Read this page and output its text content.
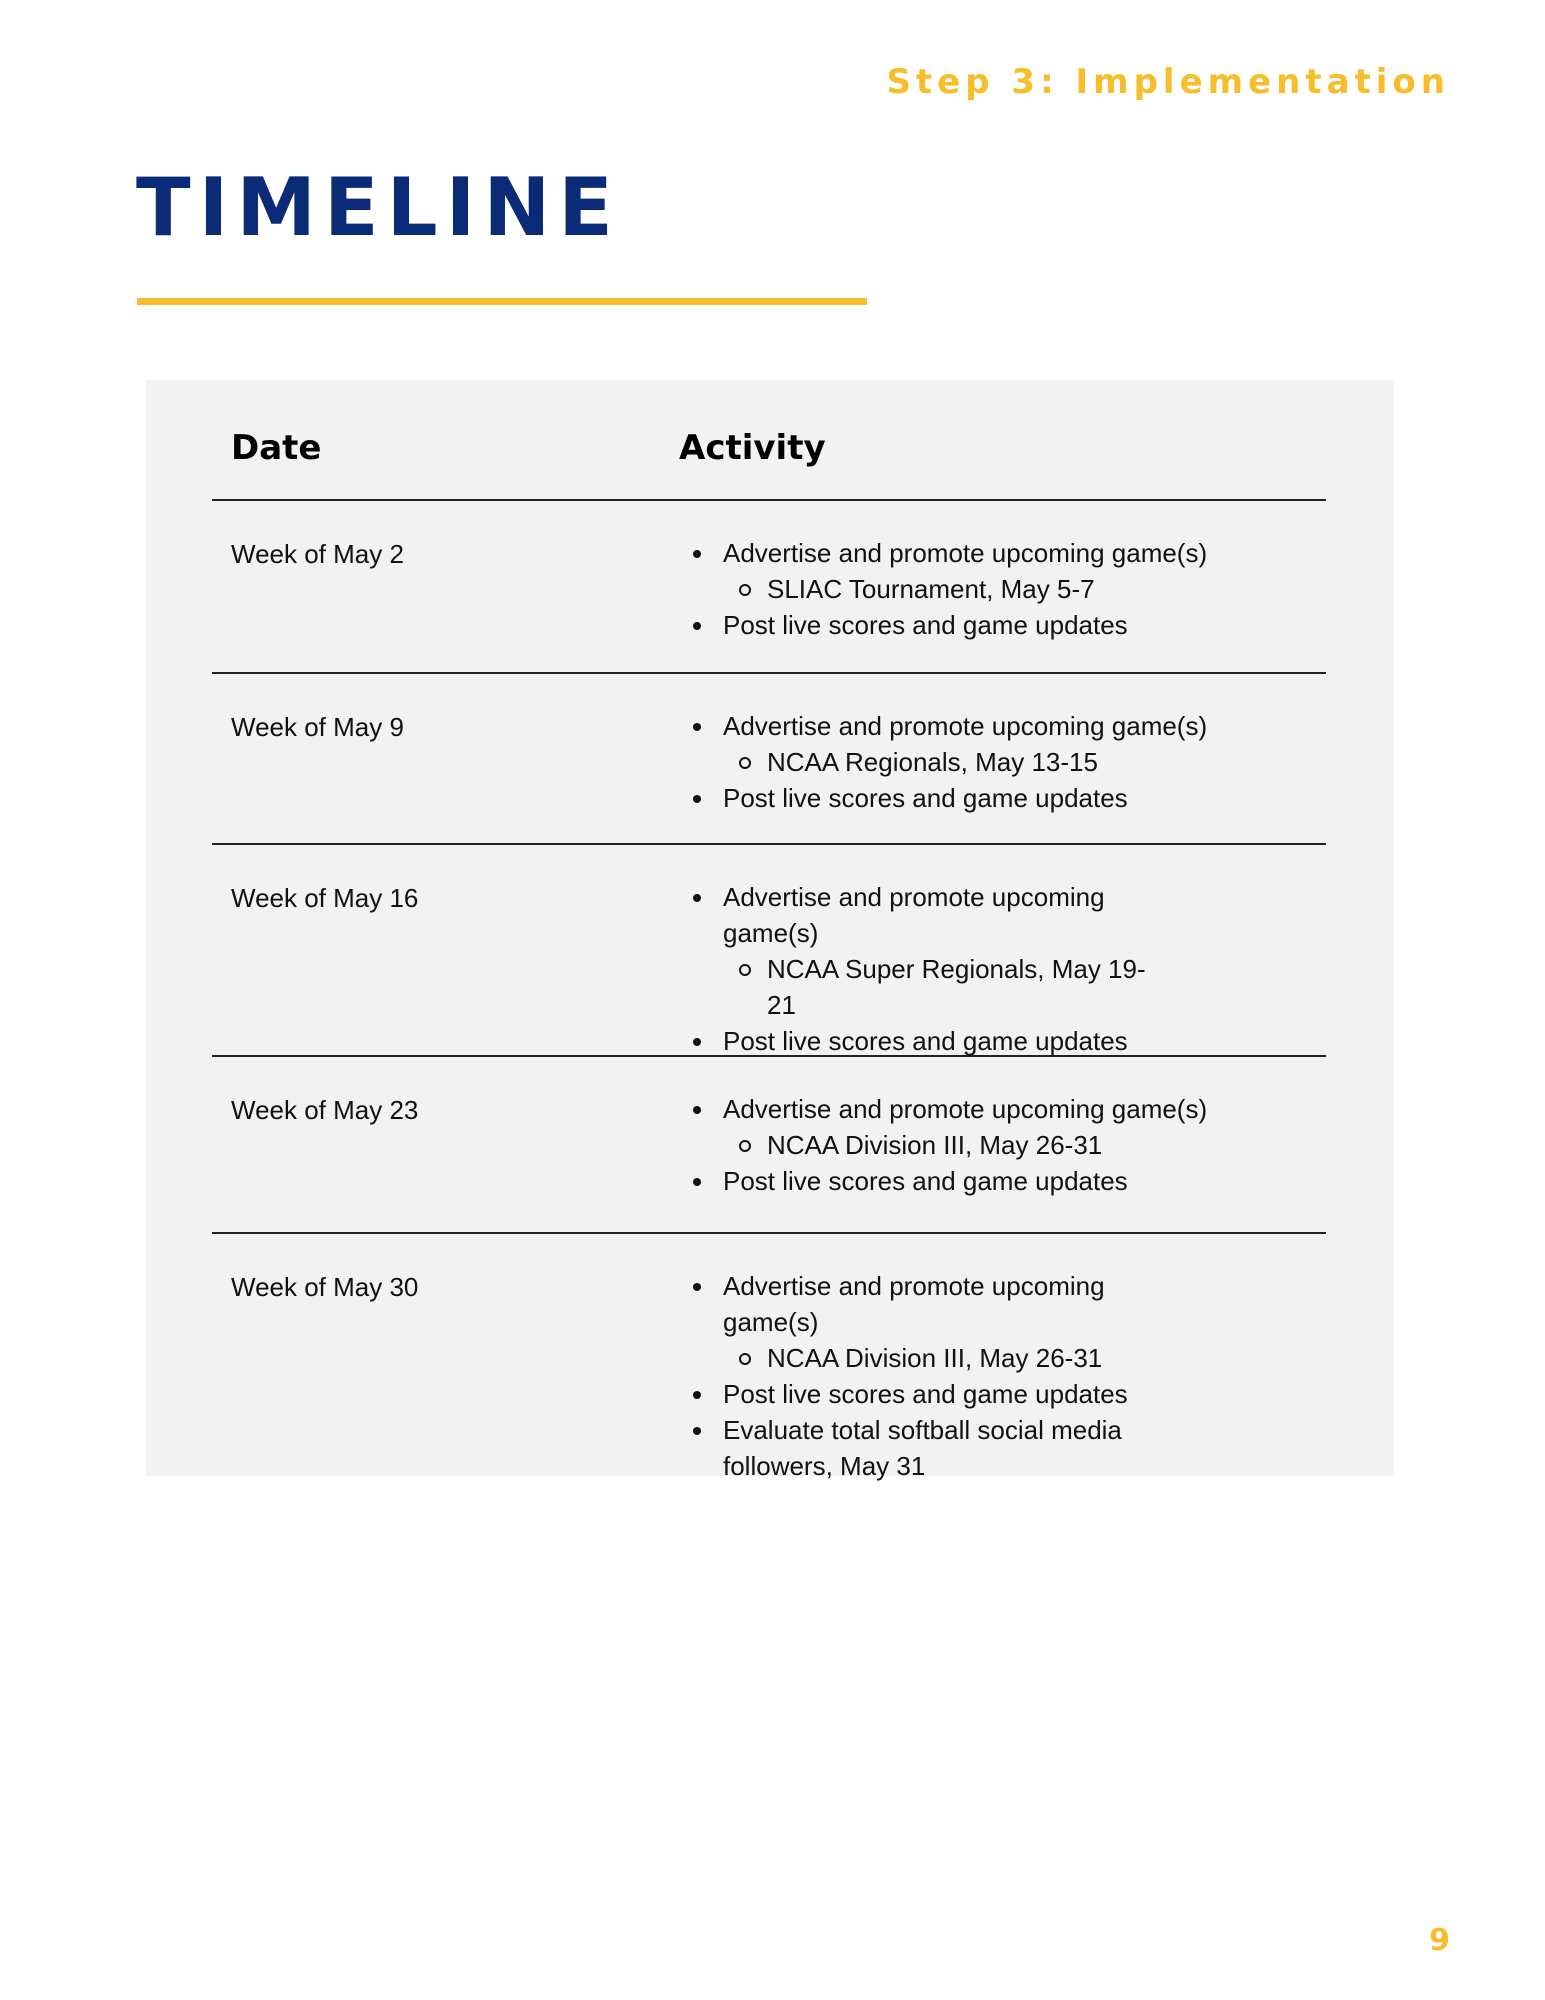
Step 3: Implementation
TIMELINE
Date	Activity
Week of May 2	Advertise and promote upcoming game(s)
SLIAC Tournament, May 5-7
Post live scores and game updates
Week of May 9	Advertise and promote upcoming game(s)
NCAA Regionals, May 13-15
Post live scores and game updates
Week of May 16	Advertise and promote upcoming game(s)
NCAA Super Regionals, May 19-21
Post live scores and game updates
Week of May 23	Advertise and promote upcoming game(s)
NCAA Division III, May 26-31
Post live scores and game updates
Week of May 30	Advertise and promote upcoming game(s)
NCAA Division III, May 26-31
Post live scores and game updates
Evaluate total softball social media followers, May 31
9
